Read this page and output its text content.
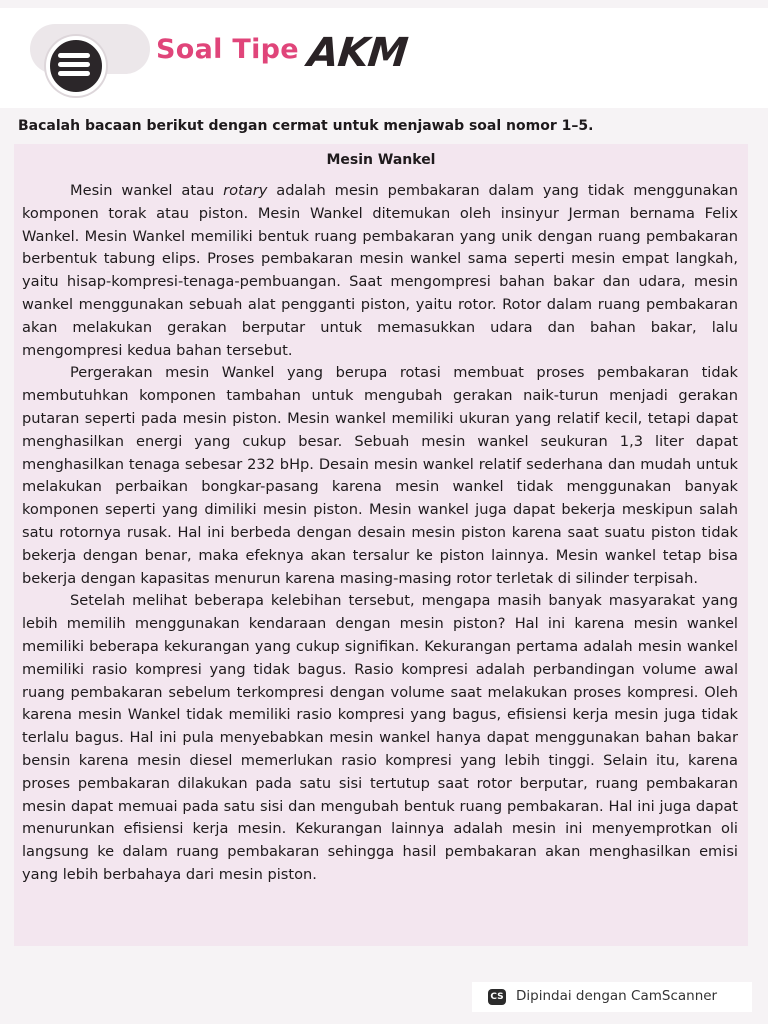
Soal Tipe AKM
Bacalah bacaan berikut dengan cermat untuk menjawab soal nomor 1–5.
Mesin Wankel

Mesin wankel atau rotary adalah mesin pembakaran dalam yang tidak menggunakan komponen torak atau piston. Mesin Wankel ditemukan oleh insinyur Jerman bernama Felix Wankel. Mesin Wankel memiliki bentuk ruang pembakaran yang unik dengan ruang pembakaran berbentuk tabung elips. Proses pembakaran mesin wankel sama seperti mesin empat langkah, yaitu hisap-kompresi-tenaga-pembuangan. Saat mengompresi bahan bakar dan udara, mesin wankel menggunakan sebuah alat pengganti piston, yaitu rotor. Rotor dalam ruang pembakaran akan melakukan gerakan berputar untuk memasukkan udara dan bahan bakar, lalu mengompresi kedua bahan tersebut.

Pergerakan mesin Wankel yang berupa rotasi membuat proses pembakaran tidak membutuhkan komponen tambahan untuk mengubah gerakan naik-turun menjadi gerakan putaran seperti pada mesin piston. Mesin wankel memiliki ukuran yang relatif kecil, tetapi dapat menghasilkan energi yang cukup besar. Sebuah mesin wankel seukuran 1,3 liter dapat menghasilkan tenaga sebesar 232 bHp. Desain mesin wankel relatif sederhana dan mudah untuk melakukan perbaikan bongkar-pasang karena mesin wankel tidak menggunakan banyak komponen seperti yang dimiliki mesin piston. Mesin wankel juga dapat bekerja meskipun salah satu rotornya rusak. Hal ini berbeda dengan desain mesin piston karena saat suatu piston tidak bekerja dengan benar, maka efeknya akan tersalur ke piston lainnya. Mesin wankel tetap bisa bekerja dengan kapasitas menurun karena masing-masing rotor terletak di silinder terpisah.

Setelah melihat beberapa kelebihan tersebut, mengapa masih banyak masyarakat yang lebih memilih menggunakan kendaraan dengan mesin piston? Hal ini karena mesin wankel memiliki beberapa kekurangan yang cukup signifikan. Kekurangan pertama adalah mesin wankel memiliki rasio kompresi yang tidak bagus. Rasio kompresi adalah perbandingan volume awal ruang pembakaran sebelum terkompresi dengan volume saat melakukan proses kompresi. Oleh karena mesin Wankel tidak memiliki rasio kompresi yang bagus, efisiensi kerja mesin juga tidak terlalu bagus. Hal ini pula menyebabkan mesin wankel hanya dapat menggunakan bahan bakar bensin karena mesin diesel memerlukan rasio kompresi yang lebih tinggi. Selain itu, karena proses pembakaran dilakukan pada satu sisi tertutup saat rotor berputar, ruang pembakaran mesin dapat memuai pada satu sisi dan mengubah bentuk ruang pembakaran. Hal ini juga dapat menurunkan efisiensi kerja mesin. Kekurangan lainnya adalah mesin ini menyemprotkan oli langsung ke dalam ruang pembakaran sehingga hasil pembakaran akan menghasilkan emisi yang lebih berbahaya dari mesin piston.

CS Dipindai dengan CamScanner
